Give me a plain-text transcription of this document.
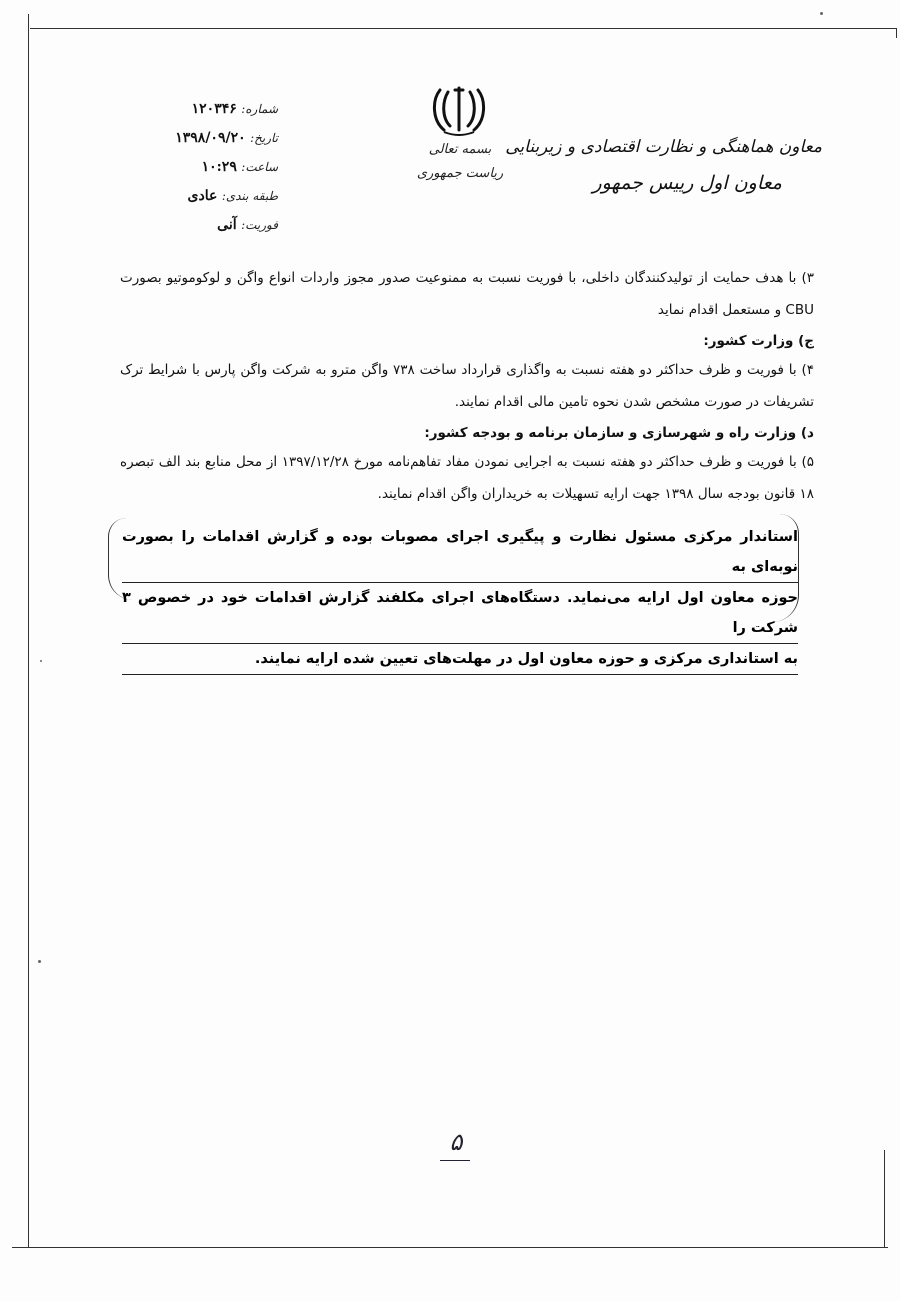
بسمه تعالی
ریاست جمهوری
معاون هماهنگی و نظارت اقتصادی و زیربنایی
معاون اول رییس جمهور
شماره: ۱۲۰۳۴۶
تاریخ: ۱۳۹۸/۰۹/۲۰
ساعت: ۱۰:۲۹
طبقه بندی: عادی
فوریت: آنی

۳) با هدف حمایت از تولیدکنندگان داخلی، با فوریت نسبت به ممنوعیت صدور مجوز واردات انواع واگن و لوکوموتیو بصورت CBU و مستعمل اقدام نماید

ج) وزارت کشور:

۴) با فوریت و ظرف حداکثر دو هفته نسبت به واگذاری قرارداد ساخت ۷۳۸ واگن مترو به شرکت واگن پارس با شرایط ترک تشریفات در صورت مشخص شدن نحوه تامین مالی اقدام نمایند.

د) وزارت راه و شهرسازی و سازمان برنامه و بودجه کشور:

۵) با فوریت و ظرف حداکثر دو هفته نسبت به اجرایی نمودن مفاد تفاهم‌نامه مورخ ۱۳۹۷/۱۲/۲۸ از محل منابع بند الف تبصره ۱۸ قانون بودجه سال ۱۳۹۸ جهت ارایه تسهیلات به خریداران واگن اقدام نمایند.

استاندار مرکزی مسئول نظارت و پیگیری اجرای مصوبات بوده و گزارش اقدامات را بصورت نوبه‌ای به
حوزه معاون اول ارایه می‌نماید. دستگاه‌های اجرای مکلفند گزارش اقدامات خود در خصوص ۳ شرکت را
به استانداری مرکزی و حوزه معاون اول در مهلت‌های تعیین شده ارایه نمایند.
۵
